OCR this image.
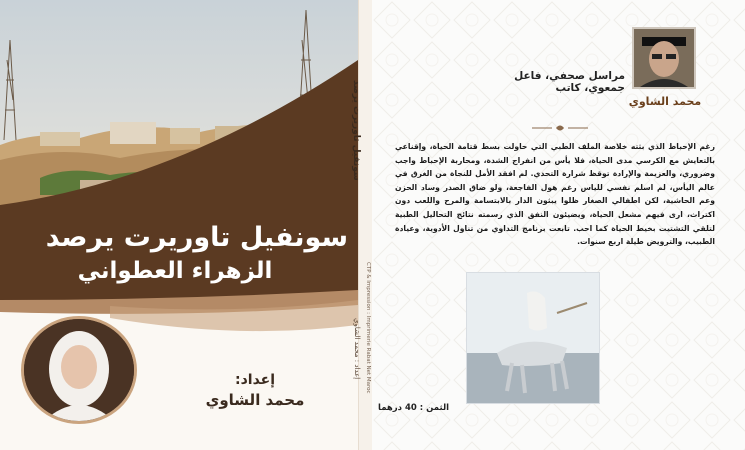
سونفيل تاوريرت يرصد
الزهراء العطواني
إعداد:
محمد الشاوي
سونفيل تاوريرت يرصد
إعداد : محمد الشاوي CTP & Impression : Imprimerie Rabat Net Maroc
مراسل صحفي، فاعل جمعوي، كاتب
محمد الشاوي
رغم الإحباط الذي بثته خلاصة الملف الطبي التي حاولت بسط قتامة الحياة، وإقناعي بالتعايش مع الكرسي مدى الحياة، فلا يأس من انفراج الشدة، ومحاربة الإحباط واجب وضروري، والعزيمة والإرادة توقظ شرارة التحدي. لم افقد الأمل للنجاة من الغرق في عالم اليأس، لم اسلم نفسي للياس رغم هول الفاجعة، ولو ضاق الصدر وساد الحزن وعم الحاشية، لكن اطفالي الصغار ظلوا يبثون الدار بالابتسامة والمرح واللعب دون اكتراث، ارى فيهم مشعل الحياة، ويضيئون النفق الذي رسمته نتائج التحاليل الطبية لتلقي التشتيت بخيط الحياة كما احب. تابعت برنامج التداوي من تناول الأدوية، وعيادة الطبيب، والترويض طيلة اربع سنوات.
الثمن : 40 درهما
